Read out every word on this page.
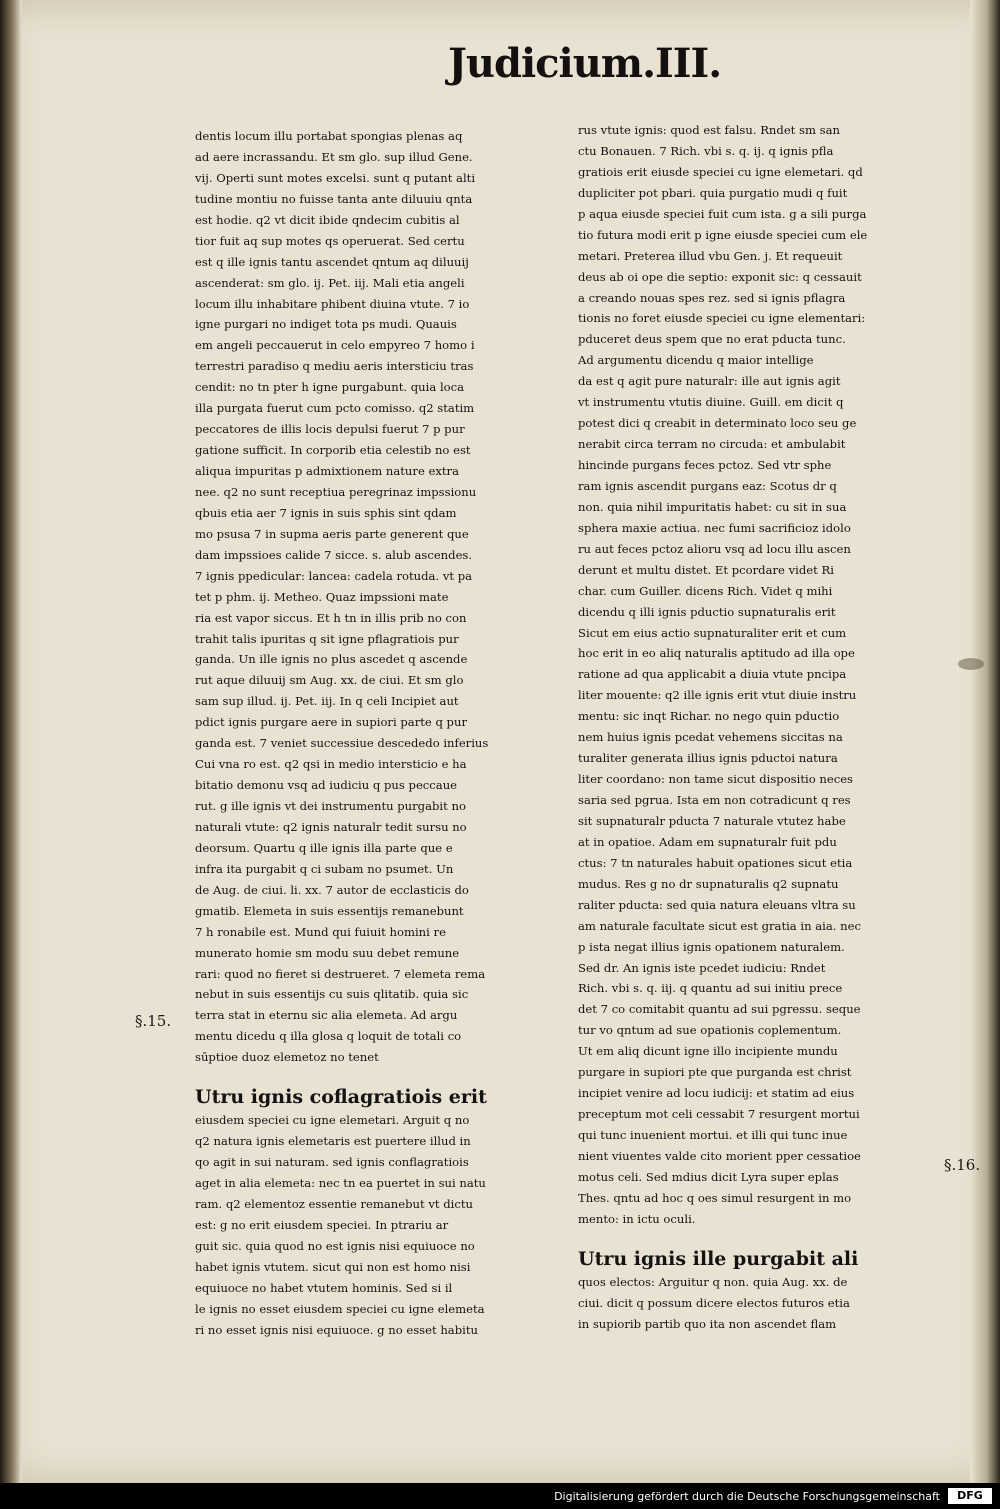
Judicium.III.
dentis locum illu portabat spongias plenas aq
ad aere incrassandu. Et sm glo. sup illud Gene.
vij. Operti sunt motes excelsi. sunt q putant alti
tudine montiu no fuisse tanta ante diluuiu qnta
est hodie. q2 vt dicit ibide qndecim cubitis al
tior fuit aq sup motes qs operuerat. Sed certu
est q ille ignis tantu ascendet qntum aq diluuij
ascenderat: sm glo. ij. Pet. iij. Mali etia angeli
locum illu inhabitare phibent diuina vtute. 7 io
igne purgari no indiget tota ps mudi. Quauis
em angeli peccauerut in celo empyreo 7 homo i
terrestri paradiso q mediu aeris intersticiu tras
cendit: no tn pter h igne purgabunt. quia loca
illa purgata fuerut cum pcto comisso. q2 statim
peccatores de illis locis depulsi fuerut 7 p pur
gatione sufficit. In corporib etia celestib no est
aliqua impuritas p admixtionem nature extra
nee. q2 no sunt receptiua peregrinaz impssionu
qbuis etia aer 7 ignis in suis sphis sint qdam
mo psusa 7 in supma aeris parte generent que
dam impssioes calide 7 sicce. s. alub ascendes.
7 ignis ppedicular: lancea: cadela rotuda. vt pa
tet p phm. ij. Metheo. Quaz impssioni mate
ria est vapor siccus. Et h tn in illis prib no con
trahit talis ipuritas q sit igne pflagratiois pur
ganda. Un ille ignis no plus ascedet q ascende
rut aque diluuij sm Aug. xx. de ciui. Et sm glo
sam sup illud. ij. Pet. iij. In q celi Incipiet aut
pdict ignis purgare aere in supiori parte q pur
ganda est. 7 veniet successiue descededo inferius
Cui vna ro est. q2 qsi in medio intersticio e ha
bitatio demonu vsq ad iudiciu q pus peccaue
rut. g ille ignis vt dei instrumentu purgabit no
naturali vtute: q2 ignis naturalr tedit sursu no
deorsum. Quartu q ille ignis illa parte que e
infra ita purgabit q ci subam no psumet. Un
de Aug. de ciui. li. xx. 7 autor de ecclasticis do
gmatib. Elemeta in suis essentijs remanebunt
7 h ronabile est. Mund qui fuiuit homini re
munerato homie sm modu suu debet remune
rari: quod no fieret si destrueret. 7 elemeta rema
nebut in suis essentijs cu suis qlitatib. quia sic
terra stat in eternu sic alia elemeta. Ad argu
mentu dicedu q illa glosa q loquit de totali co
sūptioe duoz elemetoz no tenet
Utru ignis coflagratiois erit
eiusdem speciei cu igne elemetari. Arguit q no
q2 natura ignis elemetaris est puertere illud in
qo agit in sui naturam. sed ignis conflagratiois
aget in alia elemeta: nec tn ea puertet in sui natu
ram. q2 elementoz essentie remanebut vt dictu
est: g no erit eiusdem speciei. In ptrariu ar
guit sic. quia quod no est ignis nisi equiuoce no
habet ignis vtutem. sicut qui non est homo nisi
equiuoce no habet vtutem hominis. Sed si il
le ignis no esset eiusdem speciei cu igne elemeta
ri no esset ignis nisi equiuoce. g no esset habitu
rus vtute ignis: quod est falsu. Rndet sm san
ctu Bonauen. 7 Rich. vbi s. q. ij. q ignis pfla
gratiois erit eiusde speciei cu igne elemetari. qd
dupliciter pot pbari. quia purgatio mudi q fuit
p aqua eiusde speciei fuit cum ista. g a sili purga
tio futura modi erit p igne eiusde speciei cum ele
metari. Preterea illud vbu Gen. j. Et requeuit
deus ab oi ope die septio: exponit sic: q cessauit
a creando nouas spes rez. sed si ignis pflagra
tionis no foret eiusde speciei cu igne elementari:
pduceret deus spem que no erat pducta tunc.
Ad argumentu dicendu q maior intellige
da est q agit pure naturalr: ille aut ignis agit
vt instrumentu vtutis diuine. Guill. em dicit q
potest dici q creabit in determinato loco seu ge
nerabit circa terram no circuda: et ambulabit
hincinde purgans feces pctoz. Sed vtr sphe
ram ignis ascendit purgans eaz: Scotus dr q
non. quia nihil impuritatis habet: cu sit in sua
sphera maxie actiua. nec fumi sacrificioz idolo
ru aut feces pctoz alioru vsq ad locu illu ascen
derunt et multu distet. Et pcordare videt Ri
char. cum Guiller. dicens Rich. Videt q mihi
dicendu q illi ignis pductio supnaturalis erit
Sicut em eius actio supnaturaliter erit et cum
hoc erit in eo aliq naturalis aptitudo ad illa ope
ratione ad qua applicabit a diuia vtute pncipa
liter mouente: q2 ille ignis erit vtut diuie instru
mentu: sic inqt Richar. no nego quin pductio
nem huius ignis pcedat vehemens siccitas na
turaliter generata illius ignis pductoi natura
liter coordano: non tame sicut dispositio neces
saria sed pgrua. Ista em non cotradicunt q res
sit supnaturalr pducta 7 naturale vtutez habe
at in opatioe. Adam em supnaturalr fuit pdu
ctus: 7 tn naturales habuit opationes sicut etia
mudus. Res g no dr supnaturalis q2 supnatu
raliter pducta: sed quia natura eleuans vltra su
am naturale facultate sicut est gratia in aia. nec
p ista negat illius ignis opationem naturalem.
Sed dr. An ignis iste pcedet iudiciu: Rndet
Rich. vbi s. q. iij. q quantu ad sui initiu prece
det 7 co comitabit quantu ad sui pgressu. seque
tur vo qntum ad sue opationis coplementum.
Ut em aliq dicunt igne illo incipiente mundu
purgare in supiori pte que purganda est christ
incipiet venire ad locu iudicij: et statim ad eius
preceptum mot celi cessabit 7 resurgent mortui
qui tunc inuenient mortui. et illi qui tunc inue
nient viuentes valde cito morient pper cessatioe
motus celi. Sed mdius dicit Lyra super eplas
Thes. qntu ad hoc q oes simul resurgent in mo
mento: in ictu oculi.
Utru ignis ille purgabit ali
quos electos: Arguitur q non. quia Aug. xx. de
ciui. dicit q possum dicere electos futuros etia
in supiorib partib quo ita non ascendet flam
§.15.
§.16.
Digitalisierung gefördert durch die Deutsche Forschungsgemeinschaft	DFG
